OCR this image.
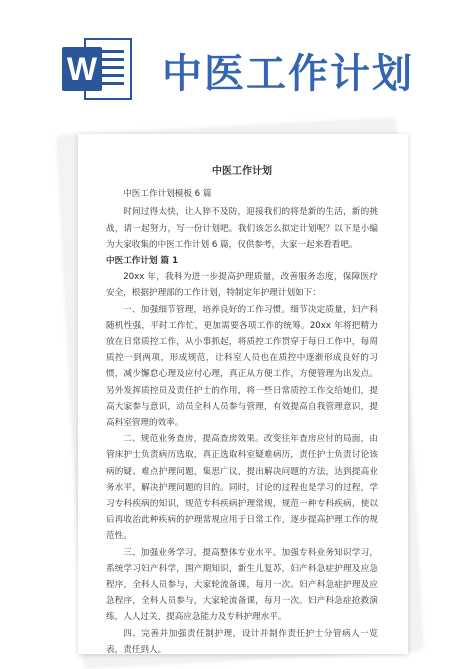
W 中医工作计划
中医工作计划

中医工作计划模板 6 篇

时间过得太快，让人猝不及防，迎接我们的将是新的生活，新的挑战，请一起努力，写一份计划吧。我们该怎么拟定计划呢？以下是小编为大家收集的中医工作计划 6 篇，仅供参考，大家一起来看看吧。

中医工作计划 篇 1

20xx 年，我科为进一步提高护理质量，改善服务态度，保障医疗安全，根据护理部的工作计划，特制定年护理计划如下：

一、加强细节管理，培养良好的工作习惯。细节决定质量，妇产科随机性强，平时工作忙，更加需要各项工作的统筹。20xx 年将把精力放在日常质控工作，从小事抓起，将质控工作贯穿于每日工作中，每周质控一到两项，形成规范，让科室人员也在质控中逐渐形成良好的习惯，减少懈怠心理及应付心理，真正从方便工作，方便管理为出发点。另外发挥质控员及责任护士的作用，将一些日常质控工作交给她们，提高大家参与意识，动员全科人员参与管理，有效提高自我管理意识，提高科室管理的效率。

二、规范业务查房，提高查房效果。改变往年查房应付的局面，由管床护士负责病历选取，真正选取科室疑难病历，责任护士负责讨论该病的疑、难点护理问题，集思广议，提出解决问题的方法，达到提高业务水平，解决护理问题的目的。同时，讨论的过程也是学习的过程，学习专科疾病的知识，规范专科疾病护理常规，规范一种专科疾病，使以后再收治此种疾病的护理常规应用于日常工作，逐步提高护理工作的规范性。

三、加强业务学习，提高整体专业水平。加强专科业务知识学习，系统学习妇产科学，围产期知识，新生儿复苏，妇产科急症护理及应急程序，全科人员参与，大家轮流备课，每月一次。妇产科急症护理及应急程序，全科人员参与，大家轮流备课，每月一次。妇产科急症抢救演练，人人过关，提高应急能力及专科护理水平。

四、完善并加强责任制护理，设计并制作责任护士分管病人一览表，责任到人。
